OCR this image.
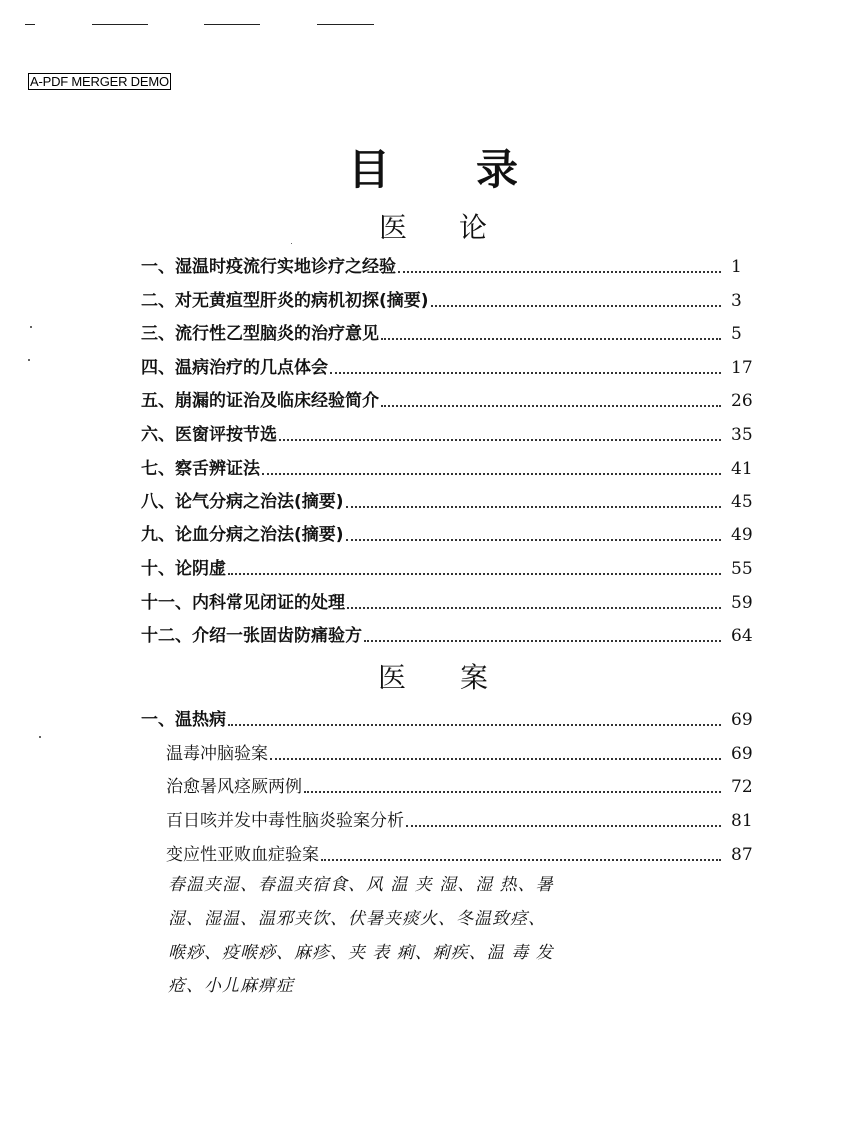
A-PDF MERGER DEMO
目 录
医 论
一、湿温时疫流行实地诊疗之经验	1
二、对无黄疸型肝炎的病机初探(摘要)	3
三、流行性乙型脑炎的治疗意见	5
四、温病治疗的几点体会	17
五、崩漏的证治及临床经验简介	26
六、医窗评按节选	35
七、察舌辨证法	41
八、论气分病之治法(摘要)	45
九、论血分病之治法(摘要)	49
十、论阴虚	55
十一、内科常见闭证的处理	59
十二、介绍一张固齿防痛验方	64
医 案
一、温热病	69
温毒冲脑验案	69
治愈暑风痉厥两例	72
百日咳并发中毒性脑炎验案分析	81
变应性亚败血症验案	87
春温夹湿、春温夹宿食、风 温 夹 湿、湿 热、暑
湿、湿温、温邪夹饮、伏暑夹痰火、冬温致痉、
喉痧、疫喉痧、麻疹、夹 表 痢、痢疾、温 毒 发
疮、小儿麻痹症
